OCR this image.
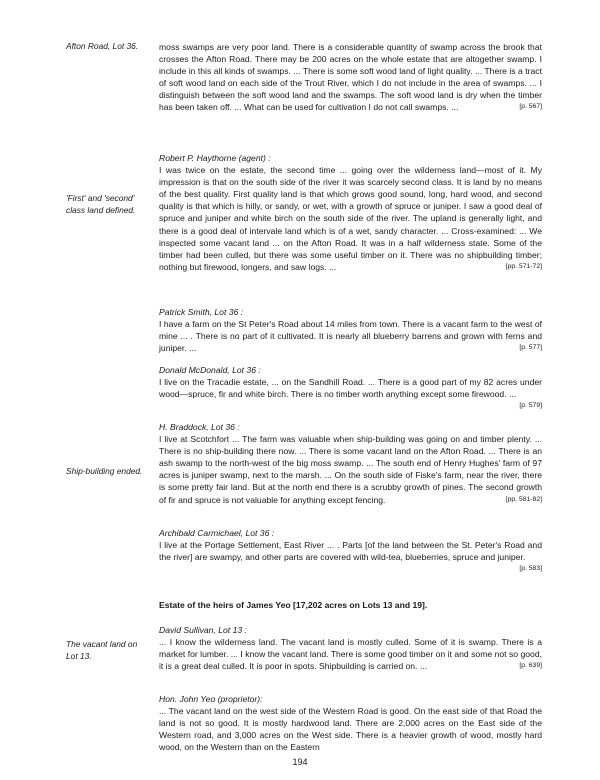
Afton Road, Lot 36.
'First' and 'second' class land defined.
Ship-building ended.
The vacant land on Lot 13.
moss swamps are very poor land. There is a considerable quantity of swamp across the brook that crosses the Afton Road. There may be 200 acres on the whole estate that are altogether swamp. I include in this all kinds of swamps. ... There is some soft wood land of light quality. ... There is a tract of soft wood land on each side of the Trout River, which I do not include in the area of swamps. ... I distinguish between the soft wood land and the swamps. The soft wood land is dry when the timber has been taken off. ... What can be used for cultivation I do not call swamps. ...	[p. 567]
Robert P. Haythorne (agent) :
I was twice on the estate, the second time ... going over the wilderness land—most of it. My impression is that on the south side of the river it was scarcely second class. It is land by no means of the best quality. First quality land is that which grows good sound, long, hard wood, and second quality is that which is hilly, or sandy, or wet, with a growth of spruce or juniper. I saw a good deal of spruce and juniper and white birch on the south side of the river. The upland is generally light, and there is a good deal of intervale land which is of a wet, sandy character. ... Cross-examined: ... We inspected some vacant land ... on the Afton Road. It was in a half wilderness state. Some of the timber had been culled, but there was some useful timber on it. There was no shipbuilding timber; nothing but firewood, longers, and saw logs. ...	[pp. 571-72]
Patrick Smith, Lot 36 :
I have a farm on the St Peter's Road about 14 miles from town. There is a vacant farm to the west of mine ... . There is no part of it cultivated. It is nearly all blueberry barrens and grown with ferns and juniper. ...	[p. 577]
Donald McDonald, Lot 36 :
I live on the Tracadie estate, ... on the Sandhill Road. ... There is a good part of my 82 acres under wood—spruce, fir and white birch. There is no timber worth anything except some firewood. ...
[p. 579]
H. Braddock, Lot 36 :
I live at Scotchfort ... The farm was valuable when ship-building was going on and timber plenty. ... There is no ship-building there now. ... There is some vacant land on the Afton Road. ... There is an ash swamp to the north-west of the big moss swamp. ... The south end of Henry Hughes' farm of 97 acres is juniper swamp, next to the marsh. ... On the south side of Fiske's farm, near the river, there is some pretty fair land. But at the north end there is a scrubby growth of pines. The second growth of fir and spruce is not valuable for anything except fencing.	[pp. 581-82]
Archibald Carmichael, Lot 36 :
I live at the Portage Settlement, East River ... . Parts [of the land between the St. Peter's Road and the river] are swampy, and other parts are covered with wild-tea, blueberries, spruce and juniper.
[p. 583]
Estate of the heirs of James Yeo [17,202 acres on Lots 13 and 19].
David Sullivan, Lot 13 :
... I know the wilderness land. The vacant land is mostly culled. Some of it is swamp. There is a market for lumber. ... I know the vacant land. There is some good timber on it and some not so good, it is a great deal culled. It is poor in spots. Shipbuilding is carried on. ...	[p. 639]
Hon. John Yeo (proprietor):
... The vacant land on the west side of the Western Road is good. On the east side of that Road the land is not so good. It is mostly hardwood land. There are 2,000 acres on the East side of the Western road, and 3,000 acres on the West side. There is a heavier growth of wood, mostly hard wood, on the Western than on the Eastern
194
